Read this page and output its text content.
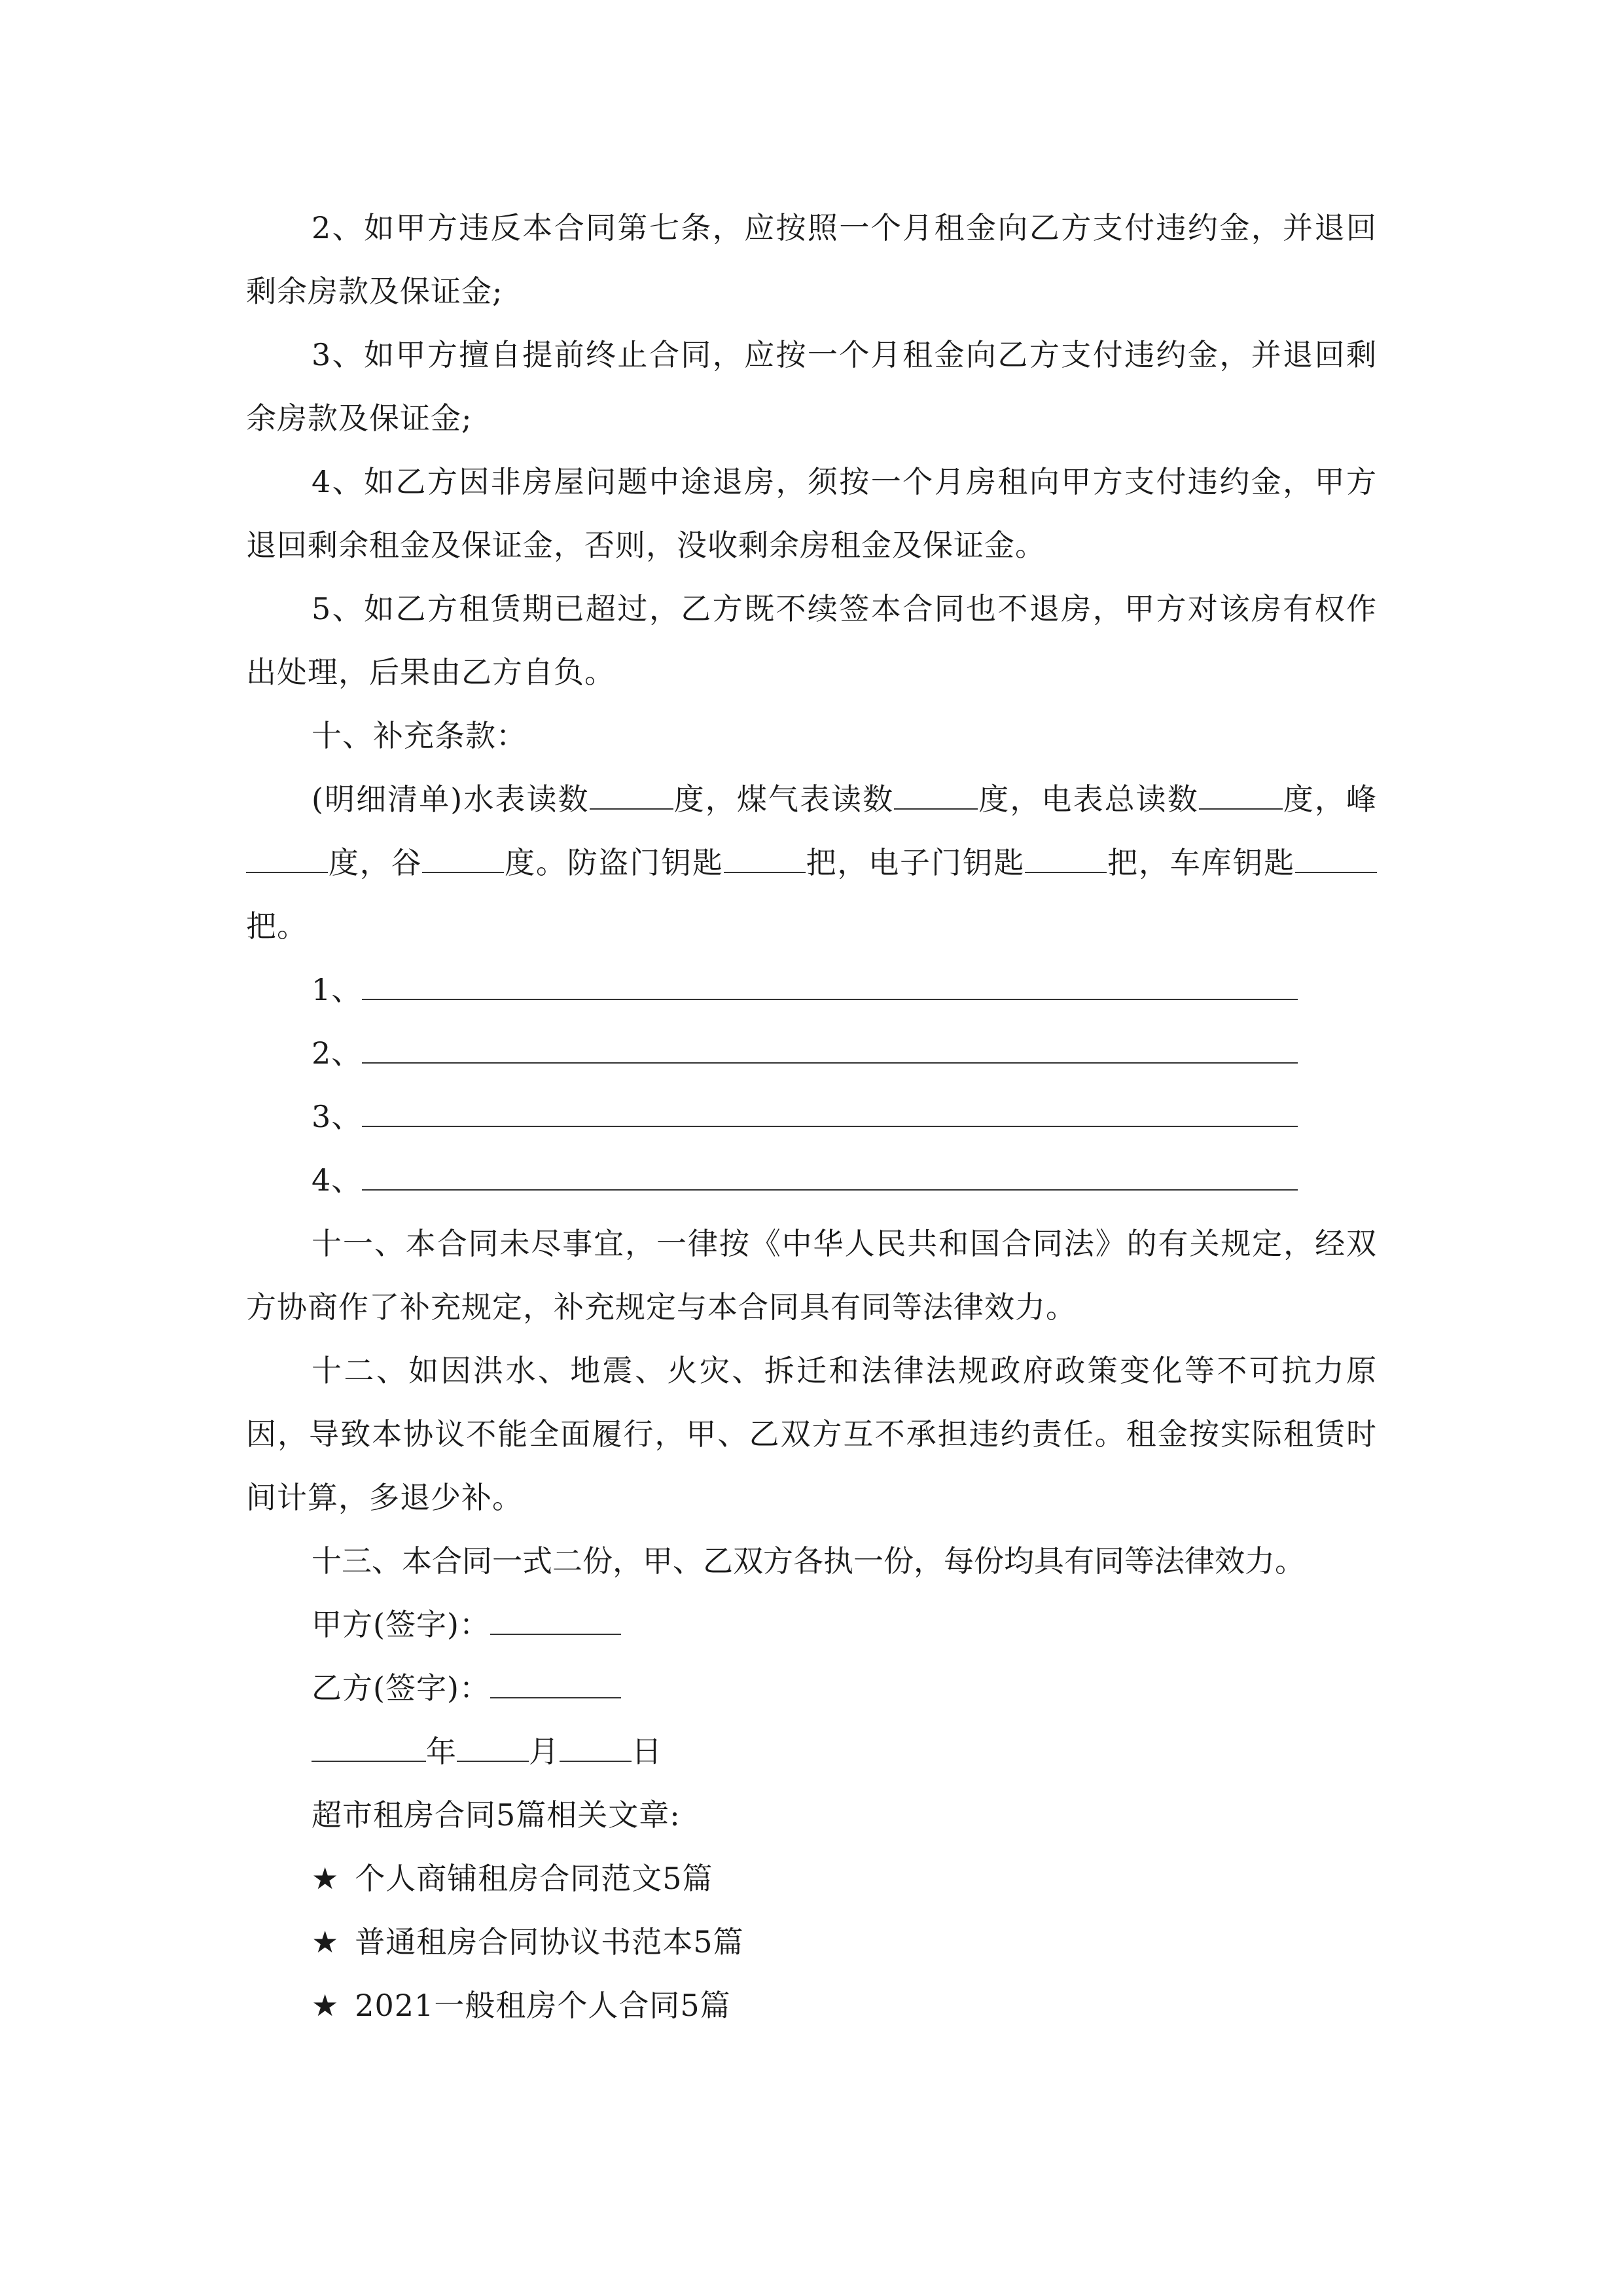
2、如甲方违反本合同第七条，应按照一个月租金向乙方支付违约金，并退回剩余房款及保证金;

3、如甲方擅自提前终止合同，应按一个月租金向乙方支付违约金，并退回剩余房款及保证金;

4、如乙方因非房屋问题中途退房，须按一个月房租向甲方支付违约金，甲方退回剩余租金及保证金，否则，没收剩余房租金及保证金。

5、如乙方租赁期已超过，乙方既不续签本合同也不退房，甲方对该房有权作出处理，后果由乙方自负。

十、补充条款：

(明细清单)水表读数	度，煤气表读数	度，电表总读数	度，峰度，谷	度。防盗门钥匙	把，电子门钥匙	把，车库钥匙把。

1、
2、
3、
4、

十一、本合同未尽事宜，一律按《中华人民共和国合同法》的有关规定，经双方协商作了补充规定，补充规定与本合同具有同等法律效力。

十二、如因洪水、地震、火灾、拆迁和法律法规政府政策变化等不可抗力原因，导致本协议不能全面履行，甲、乙双方互不承担违约责任。租金按实际租赁时间计算，多退少补。

十三、本合同一式二份，甲、乙双方各执一份，每份均具有同等法律效力。

甲方(签字)：
乙方(签字)：
年 月 日
超市租房合同5篇相关文章:
★ 个人商铺租房合同范文5篇
★ 普通租房合同协议书范本5篇
★ 2021一般租房个人合同5篇
